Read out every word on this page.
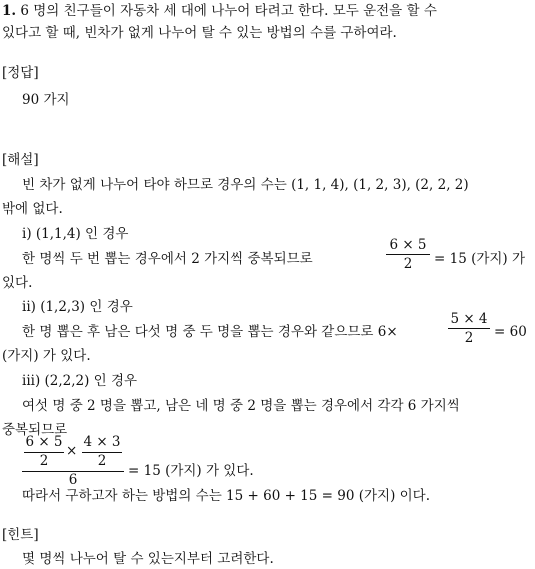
1. 6 명의 친구들이 자동차 세 대에 나누어 타려고 한다. 모두 운전을 할 수
있다고 할 때, 빈차가 없게 나누어 탈 수 있는 방법의 수를 구하여라.
[정답]
90 가지
[해설]
빈 차가 없게 나누어 타야 하므로 경우의 수는 (1, 1, 4), (1, 2, 3), (2, 2, 2)
밖에 없다.
i) (1,1,4) 인 경우
한 명씩 두 번 뽑는 경우에서 2 가지씩 중복되므로
6 × 5
2	= 15 (가지) 가
있다.
ii) (1,2,3) 인 경우
한 명 뽑은 후 남은 다섯 명 중 두 명을 뽑는 경우와 같으므로 6×
5 × 4
2	= 60
(가지) 가 있다.
iii) (2,2,2) 인 경우
여섯 명 중 2 명을 뽑고, 남은 네 명 중 2 명을 뽑는 경우에서 각각 6 가지씩
중복되므로
6 × 5
2
×
4 × 3
2
6
= 15 (가지) 가 있다.
따라서 구하고자 하는 방법의 수는 15 + 60 + 15 = 90 (가지) 이다.
[힌트]
몇 명씩 나누어 탈 수 있는지부터 고려한다.
